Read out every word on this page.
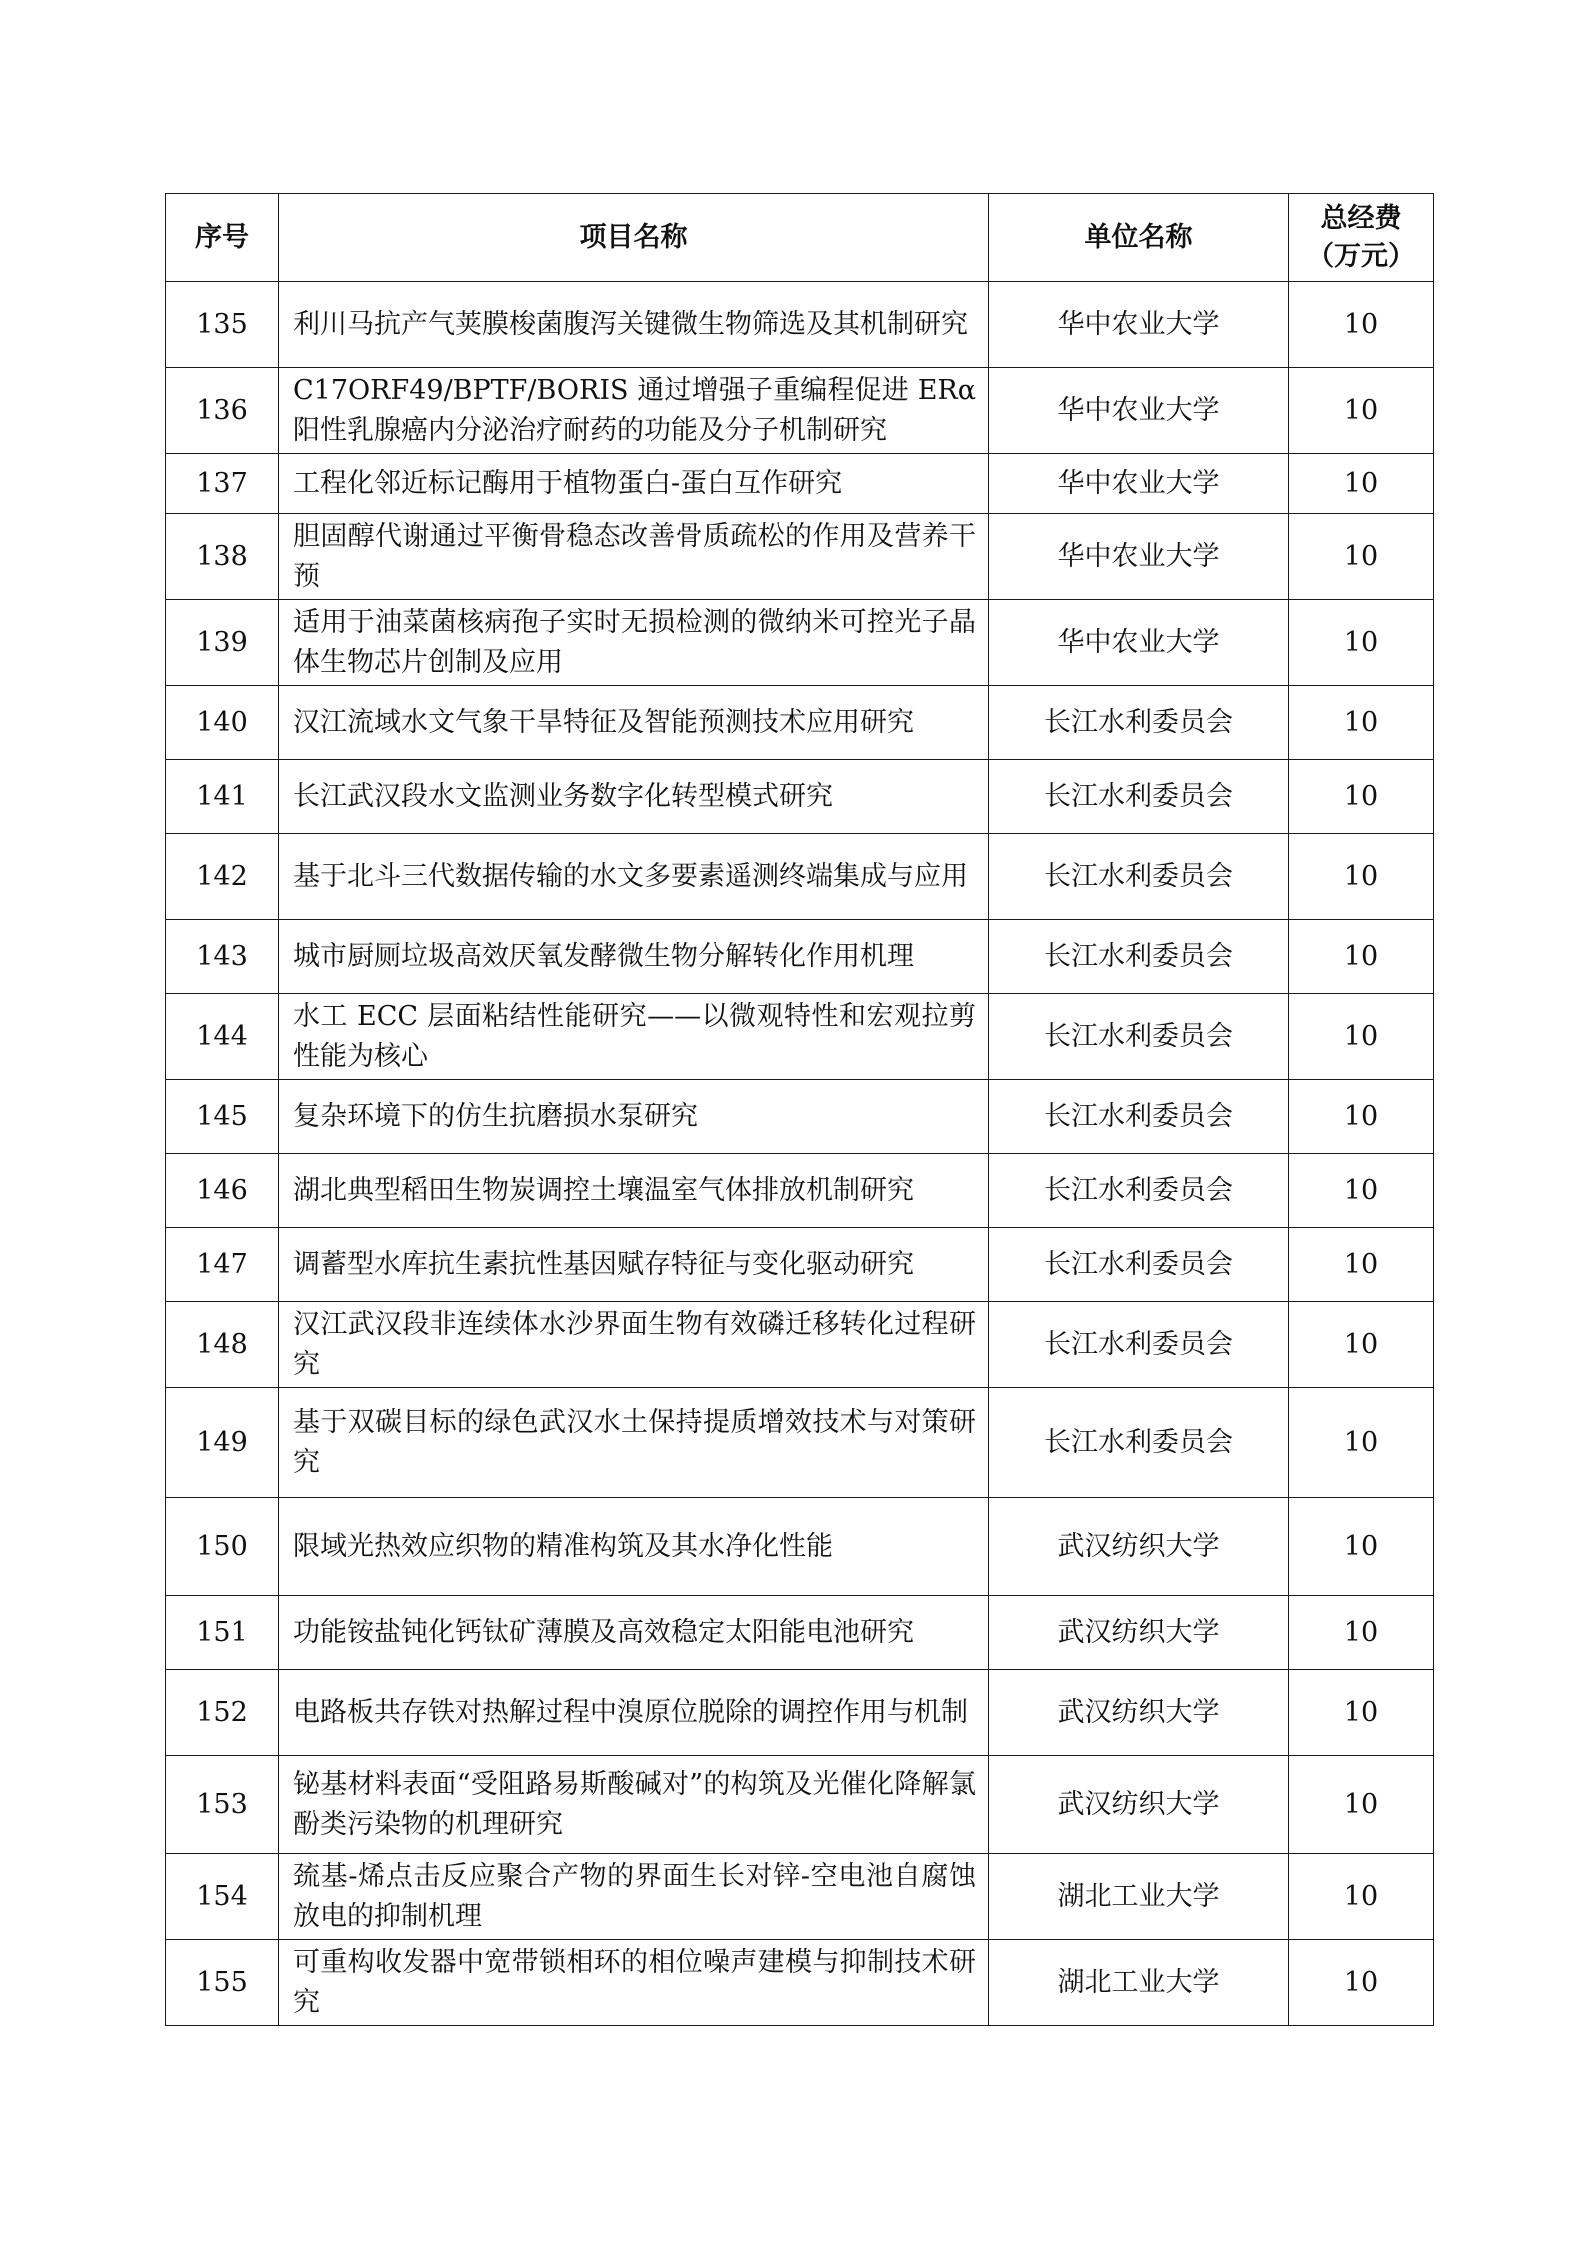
序号	项目名称	单位名称	总经费
（万元）

135	利川马抗产气荚膜梭菌腹泻关键微生物筛选及其机制研究	华中农业大学	10
136	C17ORF49/BPTF/BORIS 通过增强子重编程促进 ERα 阳性乳腺癌内分泌治疗耐药的功能及分子机制研究	华中农业大学	10
137	工程化邻近标记酶用于植物蛋白-蛋白互作研究	华中农业大学	10
138	胆固醇代谢通过平衡骨稳态改善骨质疏松的作用及营养干预	华中农业大学	10
139	适用于油菜菌核病孢子实时无损检测的微纳米可控光子晶体生物芯片创制及应用	华中农业大学	10
140	汉江流域水文气象干旱特征及智能预测技术应用研究	长江水利委员会	10
141	长江武汉段水文监测业务数字化转型模式研究	长江水利委员会	10
142	基于北斗三代数据传输的水文多要素遥测终端集成与应用	长江水利委员会	10
143	城市厨厕垃圾高效厌氧发酵微生物分解转化作用机理	长江水利委员会	10
144	水工 ECC 层面粘结性能研究——以微观特性和宏观拉剪性能为核心	长江水利委员会	10
145	复杂环境下的仿生抗磨损水泵研究	长江水利委员会	10
146	湖北典型稻田生物炭调控土壤温室气体排放机制研究	长江水利委员会	10
147	调蓄型水库抗生素抗性基因赋存特征与变化驱动研究	长江水利委员会	10
148	汉江武汉段非连续体水沙界面生物有效磷迁移转化过程研究	长江水利委员会	10
149	基于双碳目标的绿色武汉水土保持提质增效技术与对策研究	长江水利委员会	10
150	限域光热效应织物的精准构筑及其水净化性能	武汉纺织大学	10
151	功能铵盐钝化钙钛矿薄膜及高效稳定太阳能电池研究	武汉纺织大学	10
152	电路板共存铁对热解过程中溴原位脱除的调控作用与机制	武汉纺织大学	10
153	铋基材料表面“受阻路易斯酸碱对”的构筑及光催化降解氯酚类污染物的机理研究	武汉纺织大学	10
154	巯基-烯点击反应聚合产物的界面生长对锌-空电池自腐蚀放电的抑制机理	湖北工业大学	10
155	可重构收发器中宽带锁相环的相位噪声建模与抑制技术研究	湖北工业大学	10
